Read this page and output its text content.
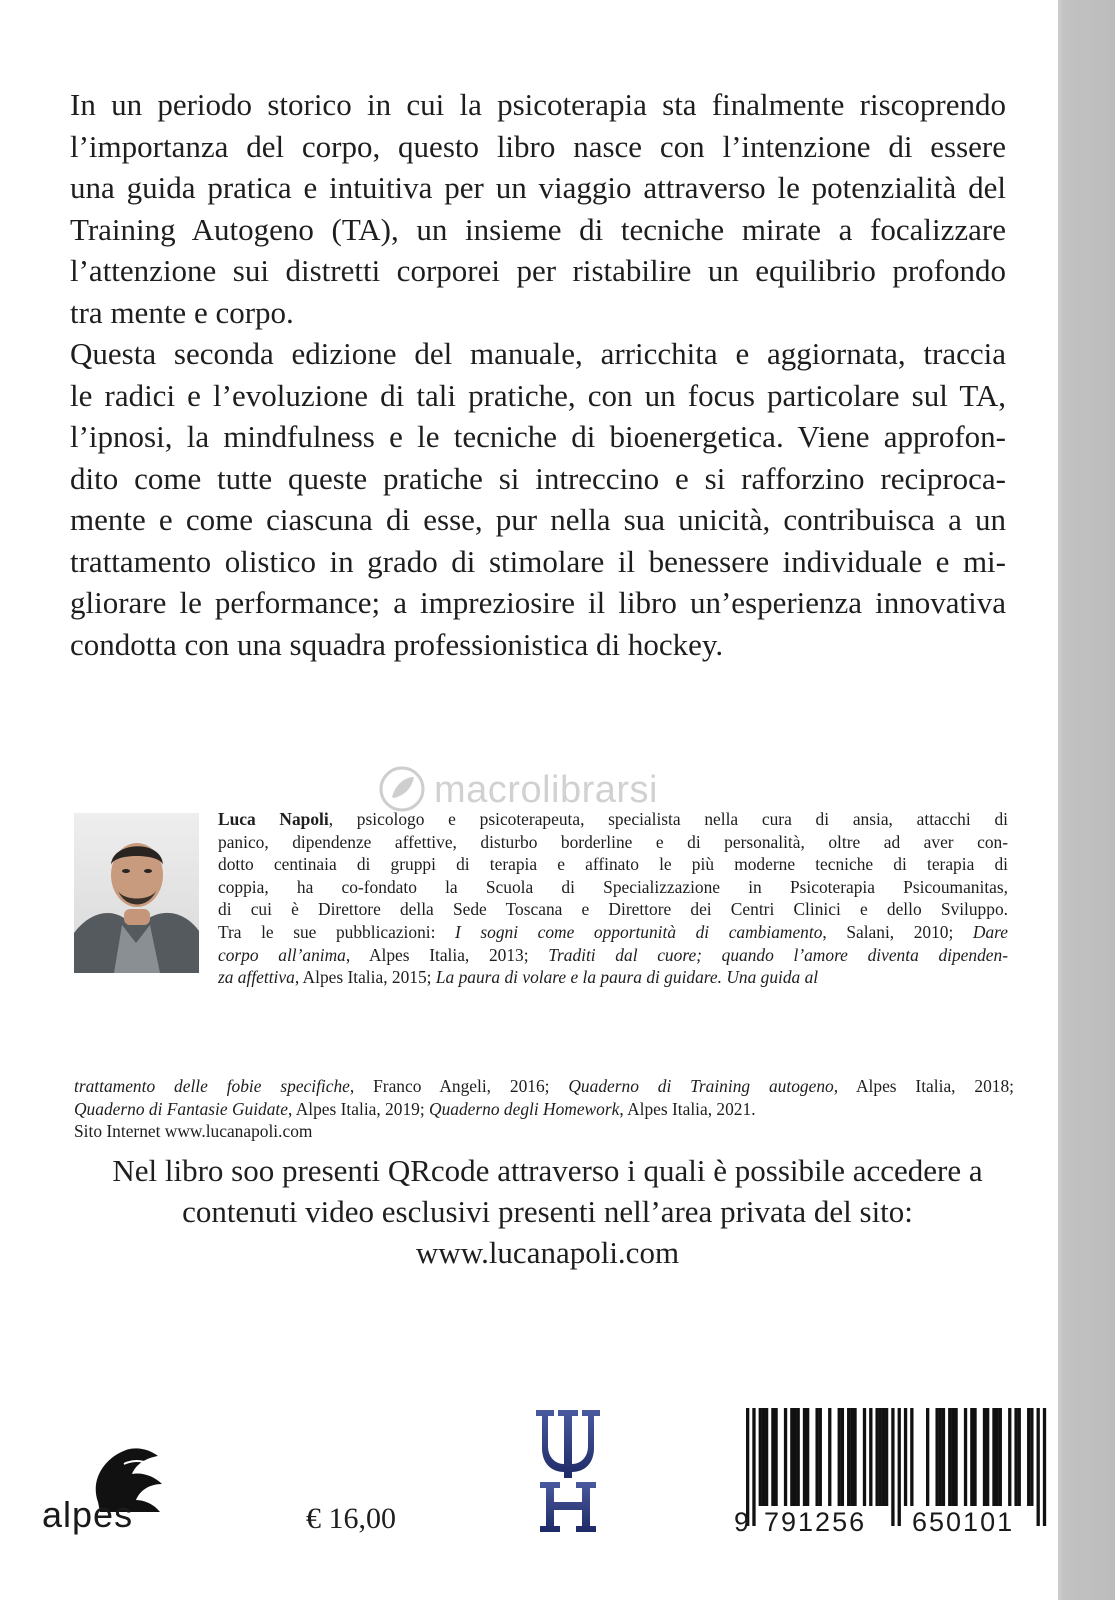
In un periodo storico in cui la psicoterapia sta finalmente riscoprendo
l’importanza del corpo, questo libro nasce con l’intenzione di essere
una guida pratica e intuitiva per un viaggio attraverso le potenzialità del
Training Autogeno (TA), un insieme di tecniche mirate a focalizzare
l’attenzione sui distretti corporei per ristabilire un equilibrio profondo
tra mente e corpo.

Questa seconda edizione del manuale, arricchita e aggiornata, traccia
le radici e l’evoluzione di tali pratiche, con un focus particolare sul TA,
l’ipnosi, la mindfulness e le tecniche di bioenergetica. Viene approfon-
dito come tutte queste pratiche si intreccino e si rafforzino reciproca-
mente e come ciascuna di esse, pur nella sua unicità, contribuisca a un
trattamento olistico in grado di stimolare il benessere individuale e mi-
gliorare le performance; a impreziosire il libro un’esperienza innovativa
condotta con una squadra professionistica di hockey.

macrolibrarsi
Luca Napoli, psicologo e psicoterapeuta, specialista nella cura di ansia, attacchi di
panico, dipendenze affettive, disturbo borderline e di personalità, oltre ad aver con-
dotto centinaia di gruppi di terapia e affinato le più moderne tecniche di terapia di
coppia, ha co-fondato la Scuola di Specializzazione in Psicoterapia Psicoumanitas,
di cui è Direttore della Sede Toscana e Direttore dei Centri Clinici e dello Sviluppo.
Tra le sue pubblicazioni: I sogni come opportunità di cambiamento, Salani, 2010; Dare
corpo all’anima, Alpes Italia, 2013; Traditi dal cuore; quando l’amore diventa dipenden-
za affettiva, Alpes Italia, 2015; La paura di volare e la paura di guidare. Una guida al
trattamento delle fobie specifiche, Franco Angeli, 2016; Quaderno di Training autogeno, Alpes Italia, 2018;
Quaderno di Fantasie Guidate, Alpes Italia, 2019; Quaderno degli Homework, Alpes Italia, 2021.
Sito Internet www.lucanapoli.com
Nel libro soo presenti QRcode attraverso i quali è possibile accedere a
contenuti video esclusivi presenti nell’area privata del sito:
www.lucanapoli.com
alpes	€ 16,00	9 791256 650101
